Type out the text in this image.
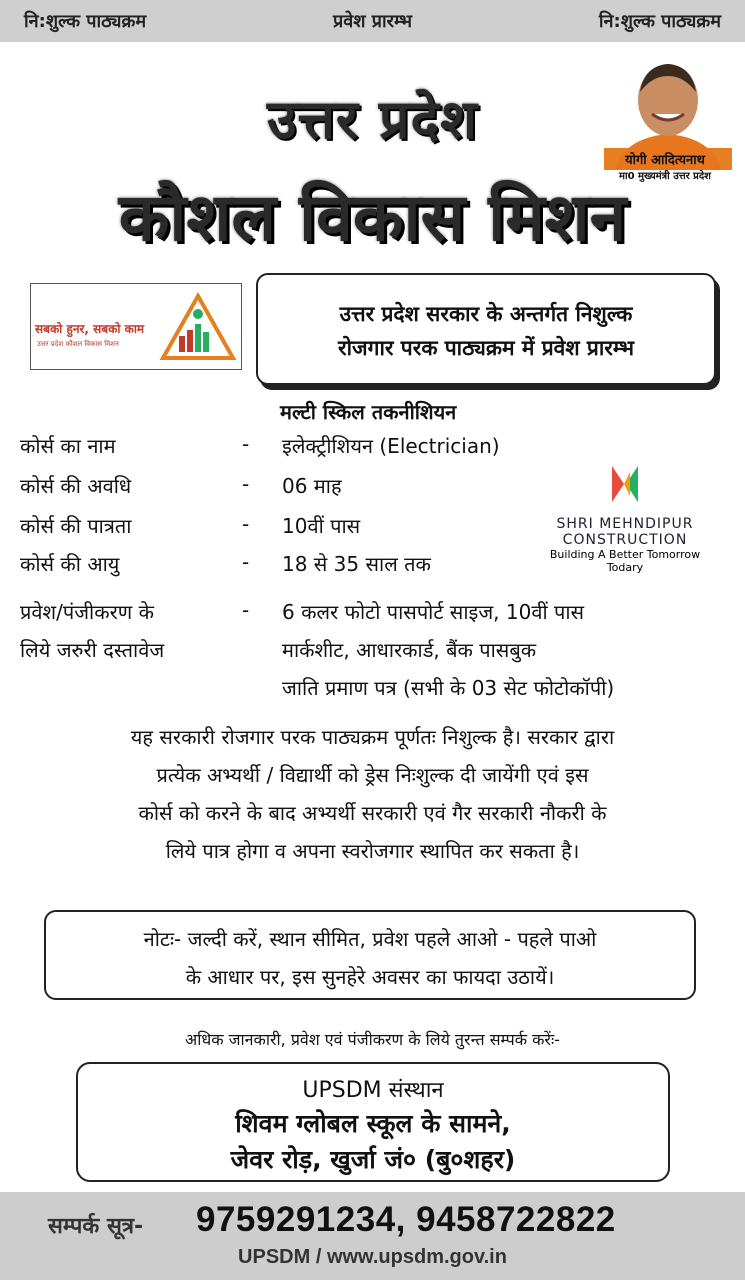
नि:शुल्क पाठ्यक्रम	प्रवेश प्रारम्भ	नि:शुल्क पाठ्यक्रम
उत्तर प्रदेश
कौशल विकास मिशन
योगी आदित्यनाथ
मा0 मुख्यमंत्री उत्तर प्रदेश
सबको हुनर, सबको काम
उत्तर प्रदेश कौशल विकास मिशन
उत्तर प्रदेश सरकार के अन्तर्गत निशुल्क
रोजगार परक पाठ्यक्रम में प्रवेश प्रारम्भ
मल्टी स्किल तकनीशियन
कोर्स का नाम	- इलेक्ट्रीशियन (Electrician)
कोर्स की अवधि	- 06 माह
कोर्स की पात्रता	- 10वीं पास
कोर्स की आयु	- 18 से 35 साल तक
प्रवेश/पंजीकरण के	- 6 कलर फोटो पासपोर्ट साइज, 10वीं पास
लिये जरुरी दस्तावेज	मार्कशीट, आधारकार्ड, बैंक पासबुक
जाति प्रमाण पत्र (सभी के 03 सेट फोटोकॉपी)
SHRI MEHNDIPUR
CONSTRUCTION
Building A Better Tomorrow Todary
यह सरकारी रोजगार परक पाठ्यक्रम पूर्णतः निशुल्क है। सरकार द्वारा
प्रत्येक अभ्यर्थी / विद्यार्थी को ड्रेस निःशुल्क दी जायेंगी एवं इस
कोर्स को करने के बाद अभ्यर्थी सरकारी एवं गैर सरकारी नौकरी के
लिये पात्र होगा व अपना स्वरोजगार स्थापित कर सकता है।
नोटः- जल्दी करें, स्थान सीमित, प्रवेश पहले आओ - पहले पाओ
के आधार पर, इस सुनहेरे अवसर का फायदा उठायें।
अधिक जानकारी, प्रवेश एवं पंजीकरण के लिये तुरन्त सम्पर्क करेंः-
UPSDM संस्थान
शिवम ग्लोबल स्कूल के सामने,
जेवर रोड़, खुर्जा जं० (बु०शहर)
सम्पर्क सूत्र- 9759291234, 9458722822
UPSDM / www.upsdm.gov.in
